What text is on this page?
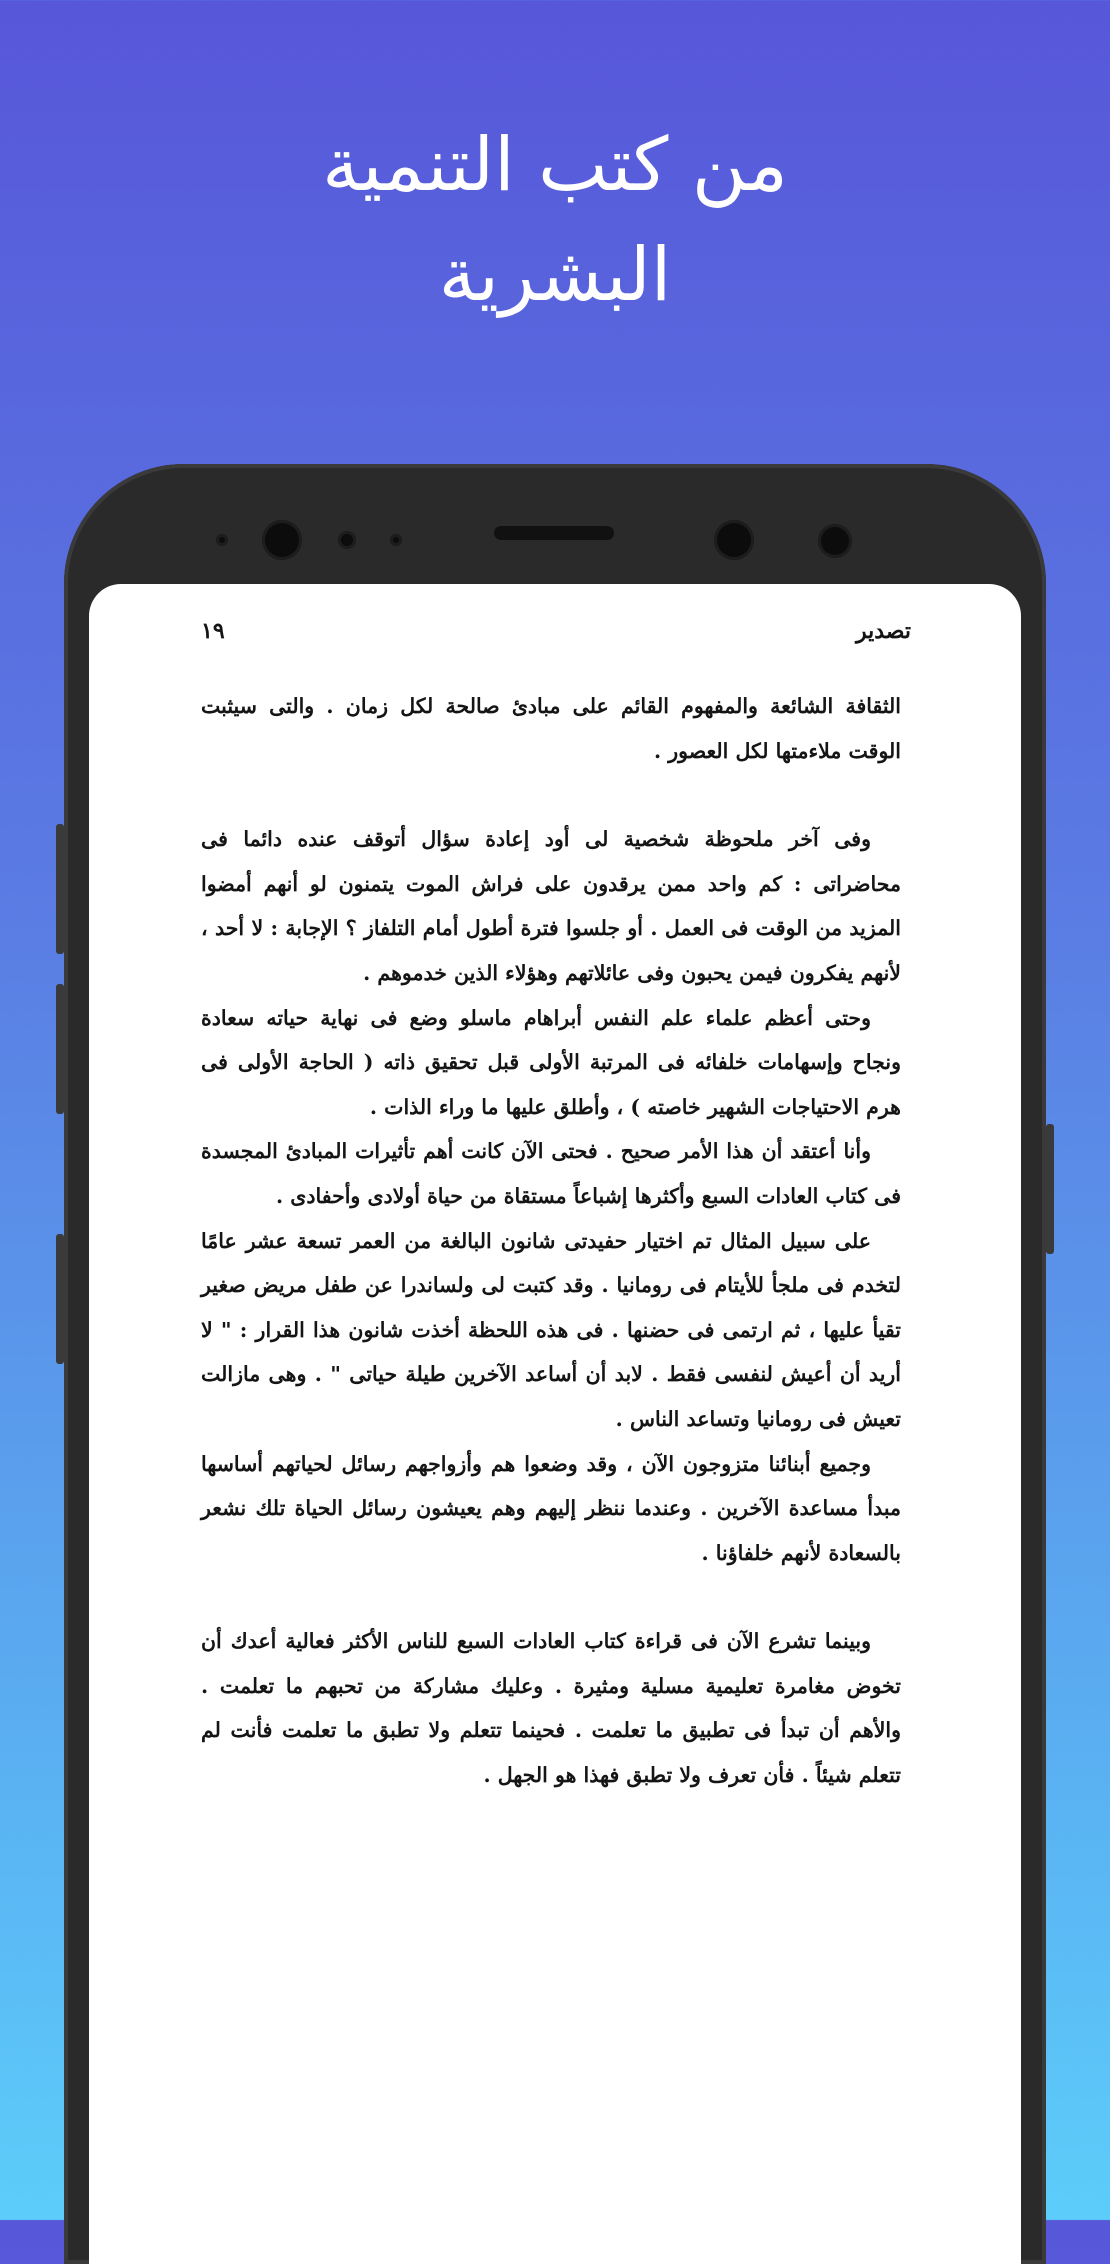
من كتب التنمية
البشرية
تصدير
١٩

الثقافة الشائعة والمفهوم القائم على مبادئ صالحة لكل زمان . والتى سيثبت الوقت ملاءمتها لكل العصور .

وفى آخر ملحوظة شخصية لى أود إعادة سؤال أتوقف عنده دائما فى محاضراتى : كم واحد ممن يرقدون على فراش الموت يتمنون لو أنهم أمضوا المزيد من الوقت فى العمل . أو جلسوا فترة أطول أمام التلفاز ؟ الإجابة : لا أحد ، لأنهم يفكرون فيمن يحبون وفى عائلاتهم وهؤلاء الذين خدموهم .

وحتى أعظم علماء علم النفس أبراهام ماسلو وضع فى نهاية حياته سعادة ونجاح وإسهامات خلفائه فى المرتبة الأولى قبل تحقيق ذاته ( الحاجة الأولى فى هرم الاحتياجات الشهير خاصته ) ، وأطلق عليها ما وراء الذات .

وأنا أعتقد أن هذا الأمر صحيح . فحتى الآن كانت أهم تأثيرات المبادئ المجسدة فى كتاب العادات السبع وأكثرها إشباعاً مستقاة من حياة أولادى وأحفادى .

على سبيل المثال تم اختيار حفيدتى شانون البالغة من العمر تسعة عشر عامًا لتخدم فى ملجأ للأيتام فى رومانيا . وقد كتبت لى ولساندرا عن طفل مريض صغير تقيأ عليها ، ثم ارتمى فى حضنها . فى هذه اللحظة أخذت شانون هذا القرار : " لا أريد أن أعيش لنفسى فقط . لابد أن أساعد الآخرين طيلة حياتى " . وهى مازالت تعيش فى رومانيا وتساعد الناس .

وجميع أبنائنا متزوجون الآن ، وقد وضعوا هم وأزواجهم رسائل لحياتهم أساسها مبدأ مساعدة الآخرين . وعندما ننظر إليهم وهم يعيشون رسائل الحياة تلك نشعر بالسعادة لأنهم خلفاؤنا .

وبينما تشرع الآن فى قراءة كتاب العادات السبع للناس الأكثر فعالية أعدك أن تخوض مغامرة تعليمية مسلية ومثيرة . وعليك مشاركة من تحبهم ما تعلمت . والأهم أن تبدأ فى تطبيق ما تعلمت . فحينما تتعلم ولا تطبق ما تعلمت فأنت لم تتعلم شيئاً . فأن تعرف ولا تطبق فهذا هو الجهل .
